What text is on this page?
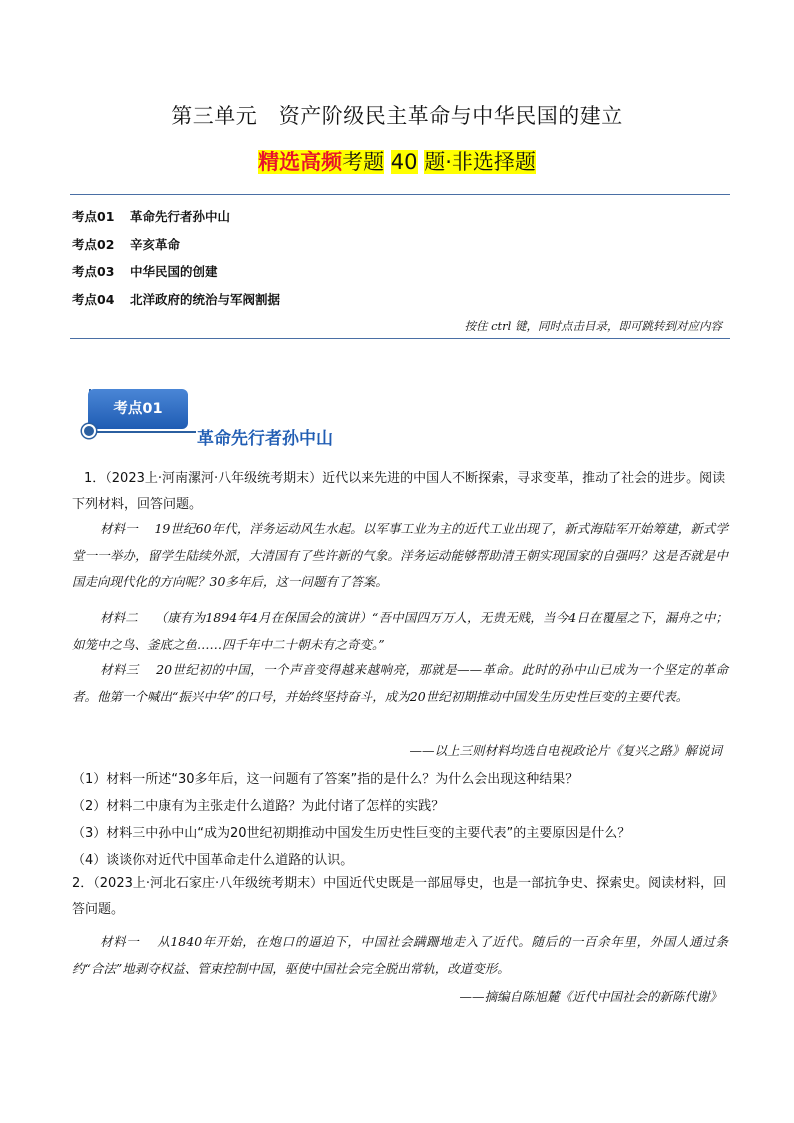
第三单元　资产阶级民主革命与中华民国的建立
精选高频考题 40 题·非选择题
考点01 革命先行者孙中山
考点02 辛亥革命
考点03 中华民国的创建
考点04 北洋政府的统治与军阀割据
按住 ctrl 键，同时点击目录，即可跳转到对应内容
考点01
革命先行者孙中山
1．（2023上·河南漯河·八年级统考期末）近代以来先进的中国人不断探索，寻求变革，推动了社会的进步。阅读下列材料，回答问题。
材料一　 19世纪60年代，洋务运动风生水起。以军事工业为主的近代工业出现了，新式海陆军开始筹建，新式学堂一一举办，留学生陆续外派，大清国有了些许新的气象。洋务运动能够帮助清王朝实现国家的自强吗？这是否就是中国走向现代化的方向呢？30多年后，这一问题有了答案。
材料二　 （康有为1894年4月在保国会的演讲）“吾中国四万万人，无贵无贱，当今4日在覆屋之下，漏舟之中；如笼中之鸟、釜底之鱼……四千年中二十朝未有之奇变。”
材料三　 20世纪初的中国，一个声音变得越来越响亮，那就是——革命。此时的孙中山已成为一个坚定的革命者。他第一个喊出“振兴中华”的口号，并始终坚持奋斗，成为20世纪初期推动中国发生历史性巨变的主要代表。
——以上三则材料均选自电视政论片《复兴之路》解说词
（1）材料一所述“30多年后，这一问题有了答案”指的是什么？为什么会出现这种结果？
（2）材料二中康有为主张走什么道路？为此付诸了怎样的实践？
（3）材料三中孙中山“成为20世纪初期推动中国发生历史性巨变的主要代表”的主要原因是什么？
（4）谈谈你对近代中国革命走什么道路的认识。
2．（2023上·河北石家庄·八年级统考期末）中国近代史既是一部屈辱史，也是一部抗争史、探索史。阅读材料，回答问题。
材料一　 从1840年开始，在炮口的逼迫下，中国社会蹒跚地走入了近代。随后的一百余年里，外国人通过条约“合法”地剥夺权益、管束控制中国，驱使中国社会完全脱出常轨，改道变形。
——摘编自陈旭麓《近代中国社会的新陈代谢》
